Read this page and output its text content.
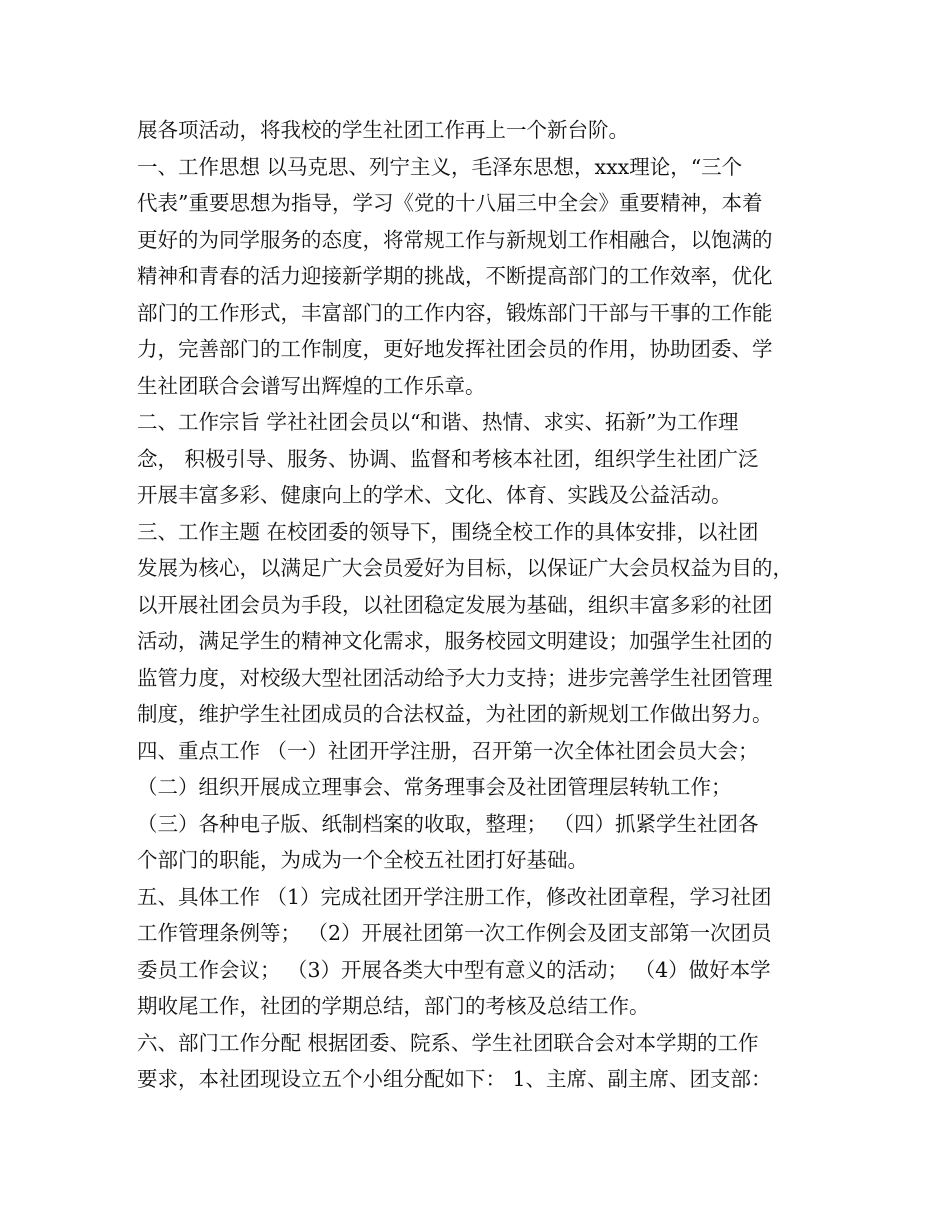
展各项活动，将我校的学生社团工作再上一个新台阶。
一、工作思想 以马克思、列宁主义，毛泽东思想，xxx理论，“三个
代表”重要思想为指导，学习《党的十八届三中全会》重要精神，本着
更好的为同学服务的态度，将常规工作与新规划工作相融合，以饱满的
精神和青春的活力迎接新学期的挑战，不断提高部门的工作效率，优化
部门的工作形式，丰富部门的工作内容，锻炼部门干部与干事的工作能
力，完善部门的工作制度，更好地发挥社团会员的作用，协助团委、学
生社团联合会谱写出辉煌的工作乐章。
二、工作宗旨 学社社团会员以“和谐、热情、求实、拓新”为工作理
念， 积极引导、服务、协调、监督和考核本社团，组织学生社团广泛
开展丰富多彩、健康向上的学术、文化、体育、实践及公益活动。
三、工作主题 在校团委的领导下，围绕全校工作的具体安排，以社团
发展为核心，以满足广大会员爱好为目标，以保证广大会员权益为目的，
以开展社团会员为手段，以社团稳定发展为基础，组织丰富多彩的社团
活动，满足学生的精神文化需求，服务校园文明建设；加强学生社团的
监管力度，对校级大型社团活动给予大力支持；进步完善学生社团管理
制度，维护学生社团成员的合法权益，为社团的新规划工作做出努力。
四、重点工作 （一）社团开学注册，召开第一次全体社团会员大会；
（二）组织开展成立理事会、常务理事会及社团管理层转轨工作；
（三）各种电子版、纸制档案的收取，整理； （四）抓紧学生社团各
个部门的职能，为成为一个全校五社团打好基础。
五、具体工作 （1）完成社团开学注册工作，修改社团章程，学习社团
工作管理条例等； （2）开展社团第一次工作例会及团支部第一次团员
委员工作会议； （3）开展各类大中型有意义的活动； （4）做好本学
期收尾工作，社团的学期总结，部门的考核及总结工作。
六、部门工作分配 根据团委、院系、学生社团联合会对本学期的工作
要求，本社团现设立五个小组分配如下： 1、主席、副主席、团支部：
